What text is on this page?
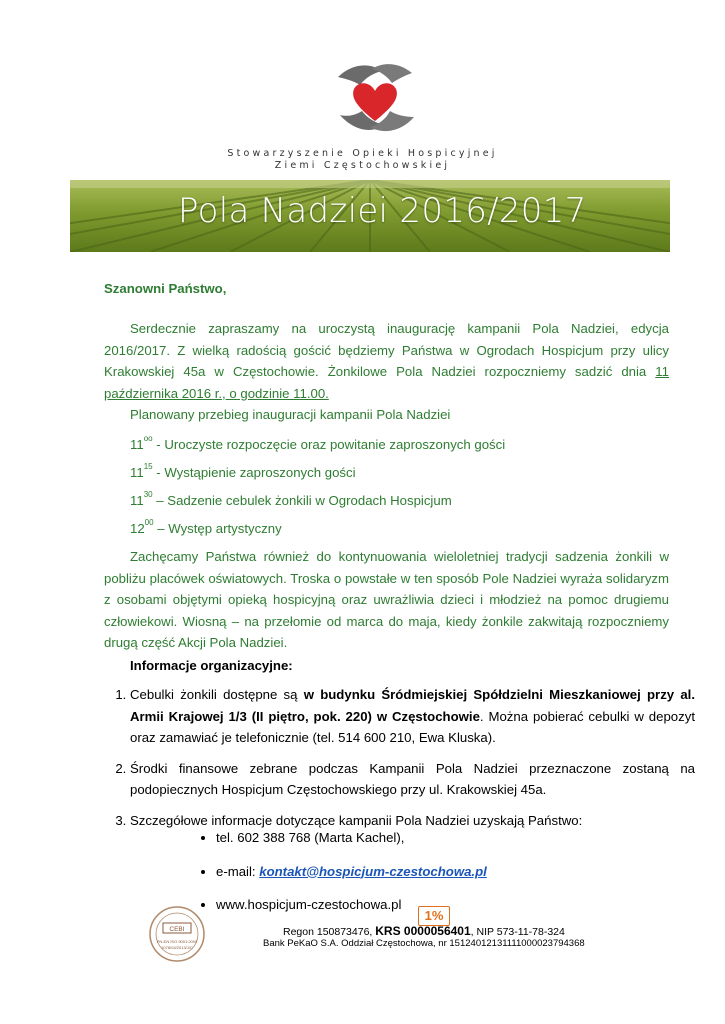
Stowarzyszenie Opieki Hospicyjnej
Ziemi Częstochowskiej
Pola Nadziei 2016/2017
Szanowni Państwo,
Serdecznie zapraszamy na uroczystą inaugurację kampanii Pola Nadziei, edycja 2016/2017. Z wielką radością gościć będziemy Państwa w Ogrodach Hospicjum przy ulicy Krakowskiej 45a w Częstochowie. Żonkilowe Pola Nadziei rozpoczniemy sadzić dnia 11 października 2016 r., o godzinie 11.00.
Planowany przebieg inauguracji kampanii Pola Nadziei
$11^{oo}$ - Uroczyste rozpoczęcie oraz powitanie zaproszonych gości
$11^{15}$ - Wystąpienie zaproszonych gości
$11^{30}$ – Sadzenie cebulek żonkili w Ogrodach Hospicjum
$12^{00}$ – Występ artystyczny
Zachęcamy Państwa również do kontynuowania wieloletniej tradycji sadzenia żonkili w pobliżu placówek oświatowych. Troska o powstałe w ten sposób Pole Nadziei wyraża solidaryzm z osobami objętymi opieką hospicyjną oraz uwrażliwia dzieci i młodzież na pomoc drugiemu człowiekowi. Wiosną – na przełomie od marca do maja, kiedy żonkile zakwitają rozpoczniemy drugą część Akcji Pola Nadziei.
Informacje organizacyjne:
1. Cebulki żonkili dostępne są w budynku Śródmiejskiej Spółdzielni Mieszkaniowej przy al. Armii Krajowej 1/3 (II piętro, pok. 220) w Częstochowie. Można pobierać cebulki w depozyt oraz zamawiać je telefonicznie (tel. 514 600 210, Ewa Kluska).
2. Środki finansowe zebrane podczas Kampanii Pola Nadziei przeznaczone zostaną na podopiecznych Hospicjum Częstochowskiego przy ul. Krakowskiej 45a.
3. Szczegółowe informacje dotyczące kampanii Pola Nadziei uzyskają Państwo:
• tel. 602 388 768 (Marta Kachel),
• e-mail: kontakt@hospicjum-czestochowa.pl
• www.hospicjum-czestochowa.pl
CEBI
PN-EN ISO 9001:2009
1078/04/2013/J/C
1%
Regon 150873476, KRS 0000056401, NIP 573-11-78-324
Bank PeKaO S.A. Oddział Częstochowa, nr 15124012131111000023794368
